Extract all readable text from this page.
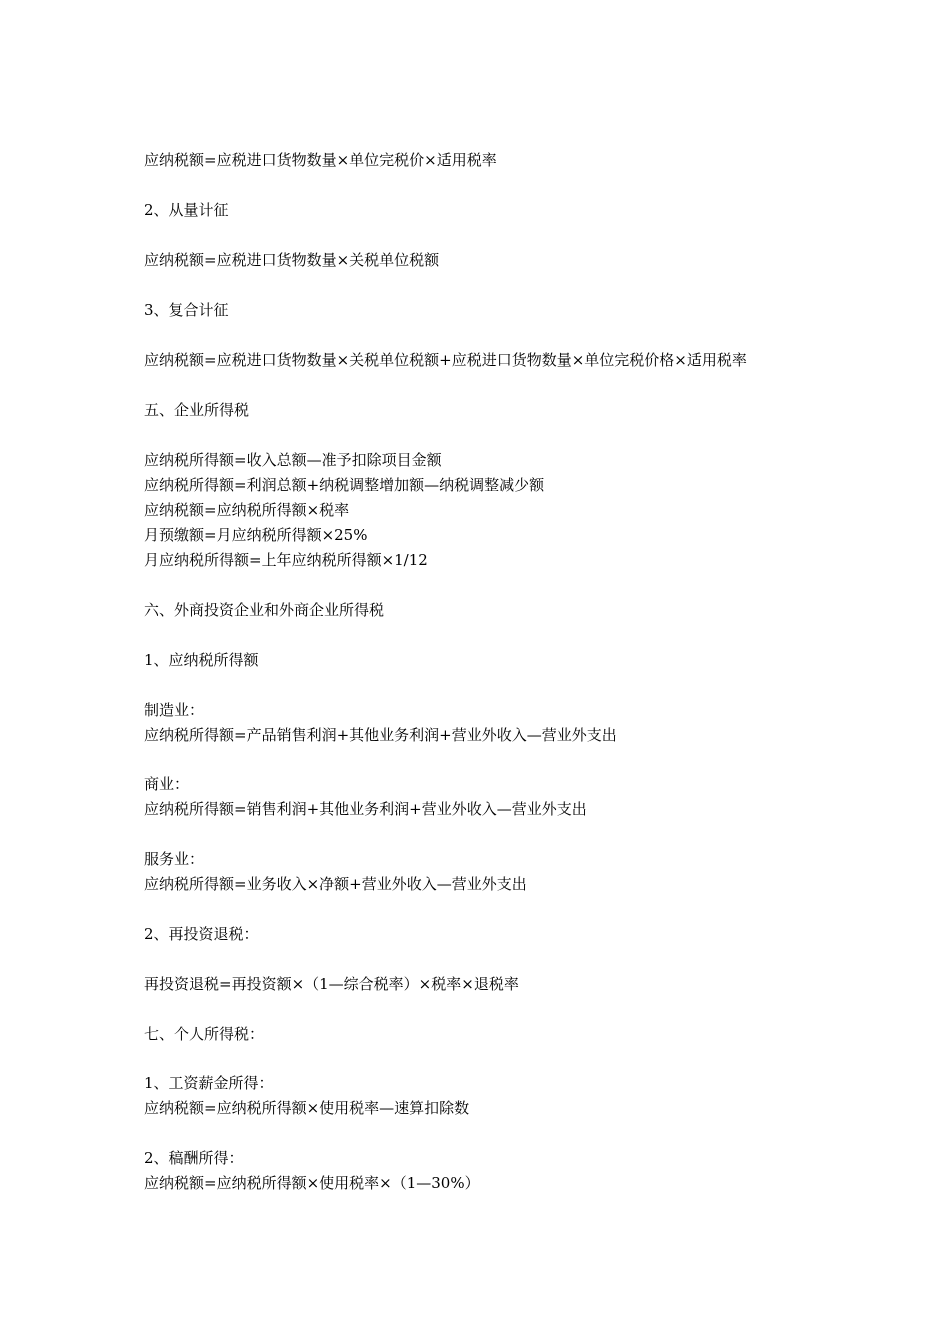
应纳税额=应税进口货物数量×单位完税价×适用税率
2、从量计征
应纳税额=应税进口货物数量×关税单位税额
3、复合计征
应纳税额=应税进口货物数量×关税单位税额+应税进口货物数量×单位完税价格×适用税率
五、企业所得税
应纳税所得额=收入总额—准予扣除项目金额
应纳税所得额=利润总额+纳税调整增加额—纳税调整减少额
应纳税额=应纳税所得额×税率
月预缴额=月应纳税所得额×25%
月应纳税所得额=上年应纳税所得额×1/12
六、外商投资企业和外商企业所得税
1、应纳税所得额
制造业：
应纳税所得额=产品销售利润+其他业务利润+营业外收入—营业外支出
商业：
应纳税所得额=销售利润+其他业务利润+营业外收入—营业外支出
服务业：
应纳税所得额=业务收入×净额+营业外收入—营业外支出
2、再投资退税：
再投资退税=再投资额×（1—综合税率）×税率×退税率
七、个人所得税：
1、工资薪金所得：
应纳税额=应纳税所得额×使用税率—速算扣除数
2、稿酬所得：
应纳税额=应纳税所得额×使用税率×（1—30%）
